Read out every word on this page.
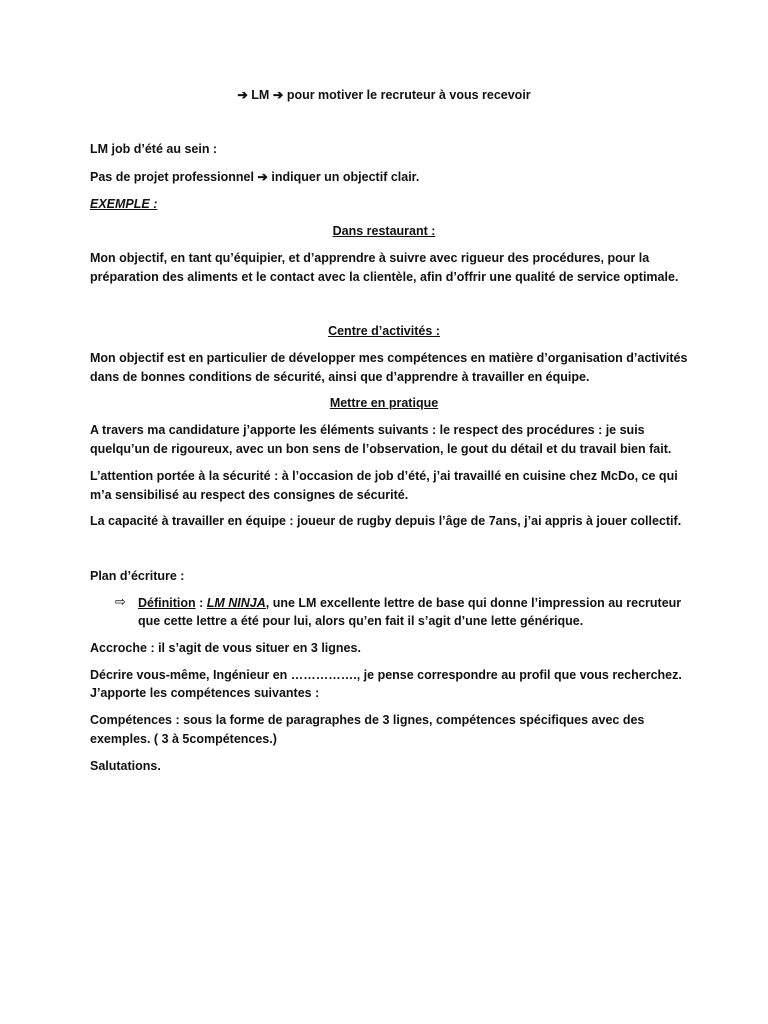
➔ LM ➔ pour motiver le recruteur à vous recevoir
LM job d’été au sein :
Pas de projet professionnel ➔ indiquer un objectif clair.
EXEMPLE :
Dans restaurant :
Mon objectif, en tant qu’équipier, et d’apprendre à suivre avec rigueur des procédures, pour la
préparation des aliments et le contact avec la clientèle, afin d’offrir une qualité de service optimale.
Centre d’activités :
Mon objectif est en particulier de développer mes compétences en matière d’organisation d’activités
dans de bonnes conditions de sécurité, ainsi que d’apprendre à travailler en équipe.
Mettre en pratique
A travers ma candidature j’apporte les éléments suivants : le respect des procédures : je suis
quelqu’un de rigoureux, avec un bon sens de l’observation, le gout du détail et du travail bien fait.
L’attention portée à la sécurité : à l’occasion de job d’été, j’ai travaillé en cuisine chez McDo, ce qui
m’a sensibilisé au respect des consignes de sécurité.
La capacité à travailler en équipe : joueur de rugby depuis l’âge de 7ans, j’ai appris à jouer collectif.
Plan d’écriture :
⇨ Définition : LM NINJA, une LM excellente lettre de base qui donne l’impression au recruteur
que cette lettre a été pour lui, alors qu’en fait il s’agit d’une lette générique.
Accroche : il s’agit de vous situer en 3 lignes.
Décrire vous-même, Ingénieur en ……………., je pense correspondre au profil que vous recherchez.
J’apporte les compétences suivantes :
Compétences : sous la forme de paragraphes de 3 lignes, compétences spécifiques avec des
exemples. ( 3 à 5compétences.)
Salutations.
